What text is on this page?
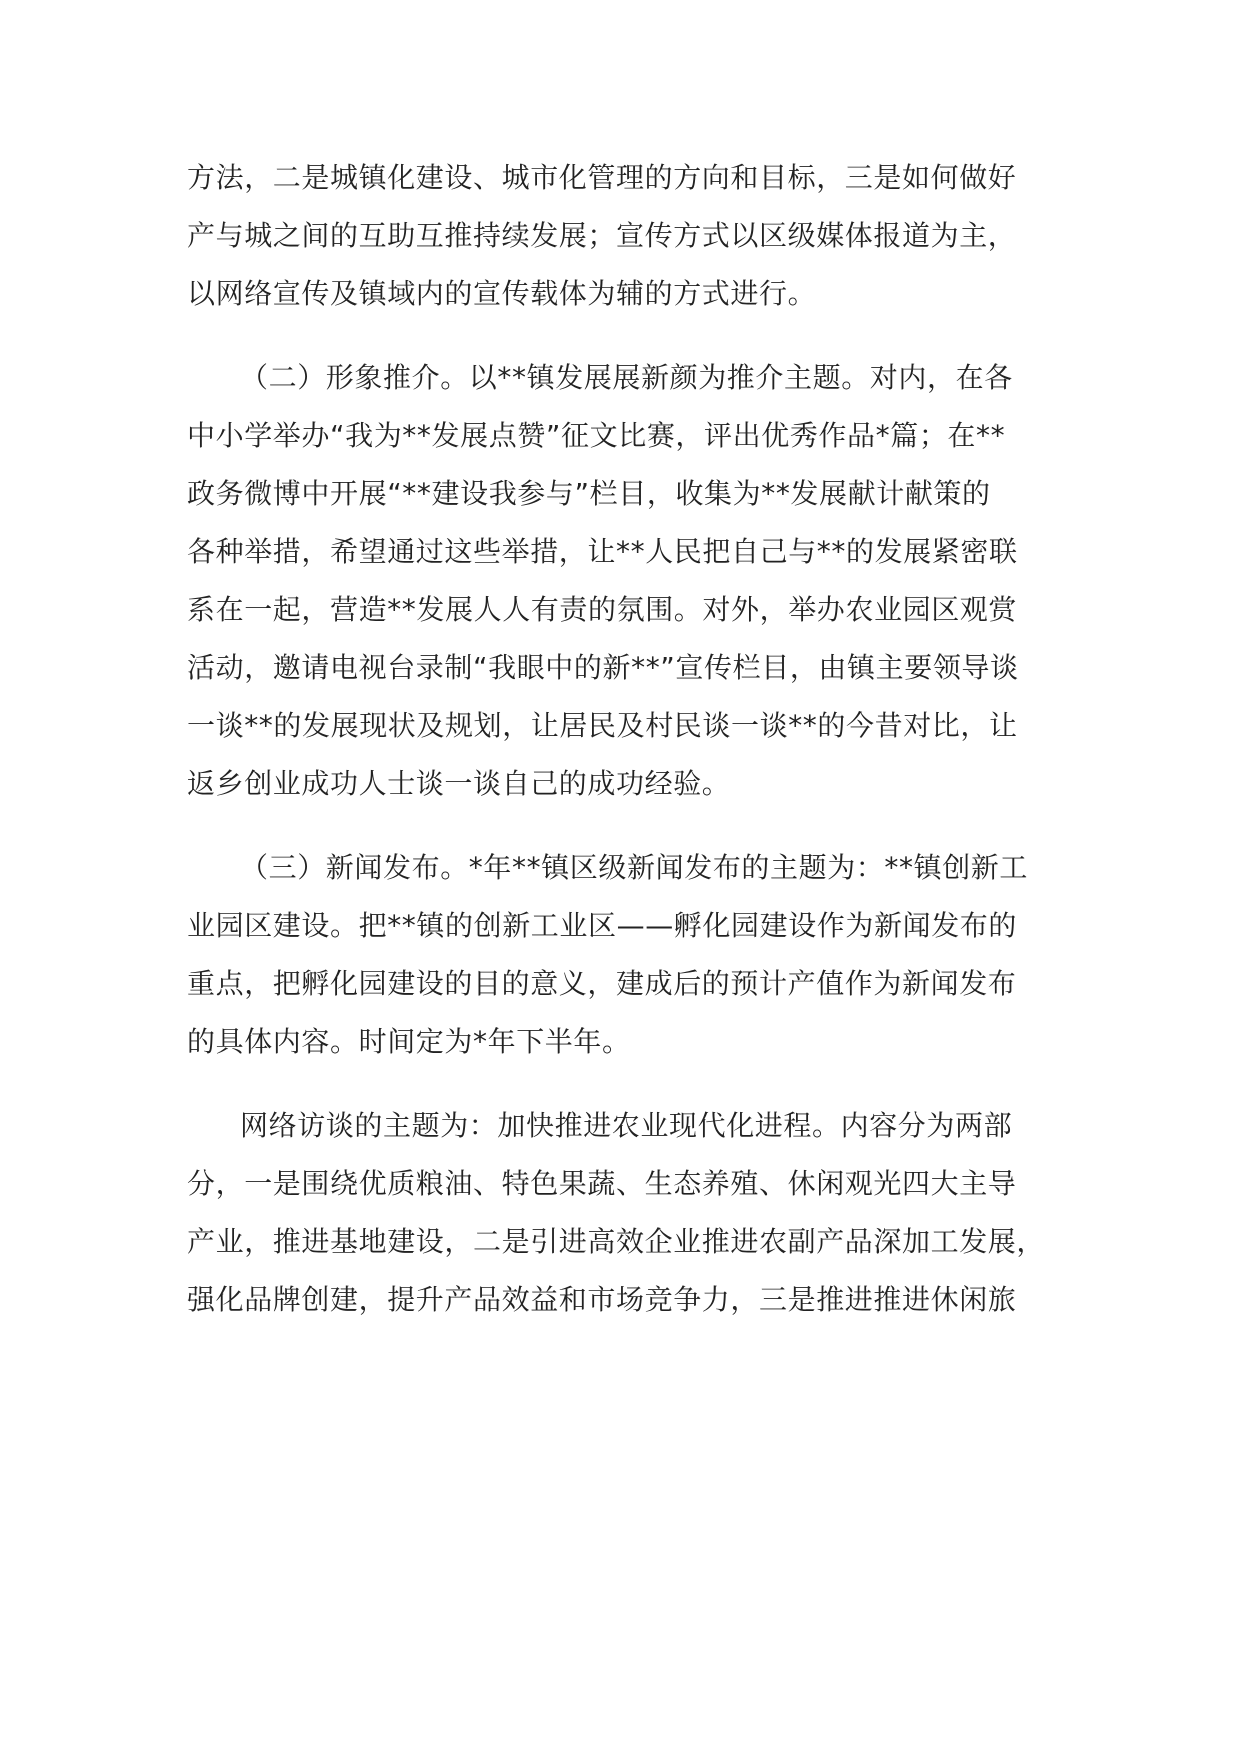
方法，二是城镇化建设、城市化管理的方向和目标，三是如何做好
产与城之间的互助互推持续发展；宣传方式以区级媒体报道为主，
以网络宣传及镇域内的宣传载体为辅的方式进行。
（二）形象推介。以**镇发展展新颜为推介主题。对内，在各
中小学举办“我为**发展点赞”征文比赛，评出优秀作品*篇；在**
政务微博中开展“**建设我参与”栏目，收集为**发展献计献策的
各种举措，希望通过这些举措，让**人民把自己与**的发展紧密联
系在一起，营造**发展人人有责的氛围。对外，举办农业园区观赏
活动，邀请电视台录制“我眼中的新**”宣传栏目，由镇主要领导谈
一谈**的发展现状及规划，让居民及村民谈一谈**的今昔对比，让
返乡创业成功人士谈一谈自己的成功经验。
（三）新闻发布。*年**镇区级新闻发布的主题为：**镇创新工
业园区建设。把**镇的创新工业区——孵化园建设作为新闻发布的
重点，把孵化园建设的目的意义，建成后的预计产值作为新闻发布
的具体内容。时间定为*年下半年。
网络访谈的主题为：加快推进农业现代化进程。内容分为两部
分，一是围绕优质粮油、特色果蔬、生态养殖、休闲观光四大主导
产业，推进基地建设，二是引进高效企业推进农副产品深加工发展，
强化品牌创建，提升产品效益和市场竞争力，三是推进推进休闲旅
